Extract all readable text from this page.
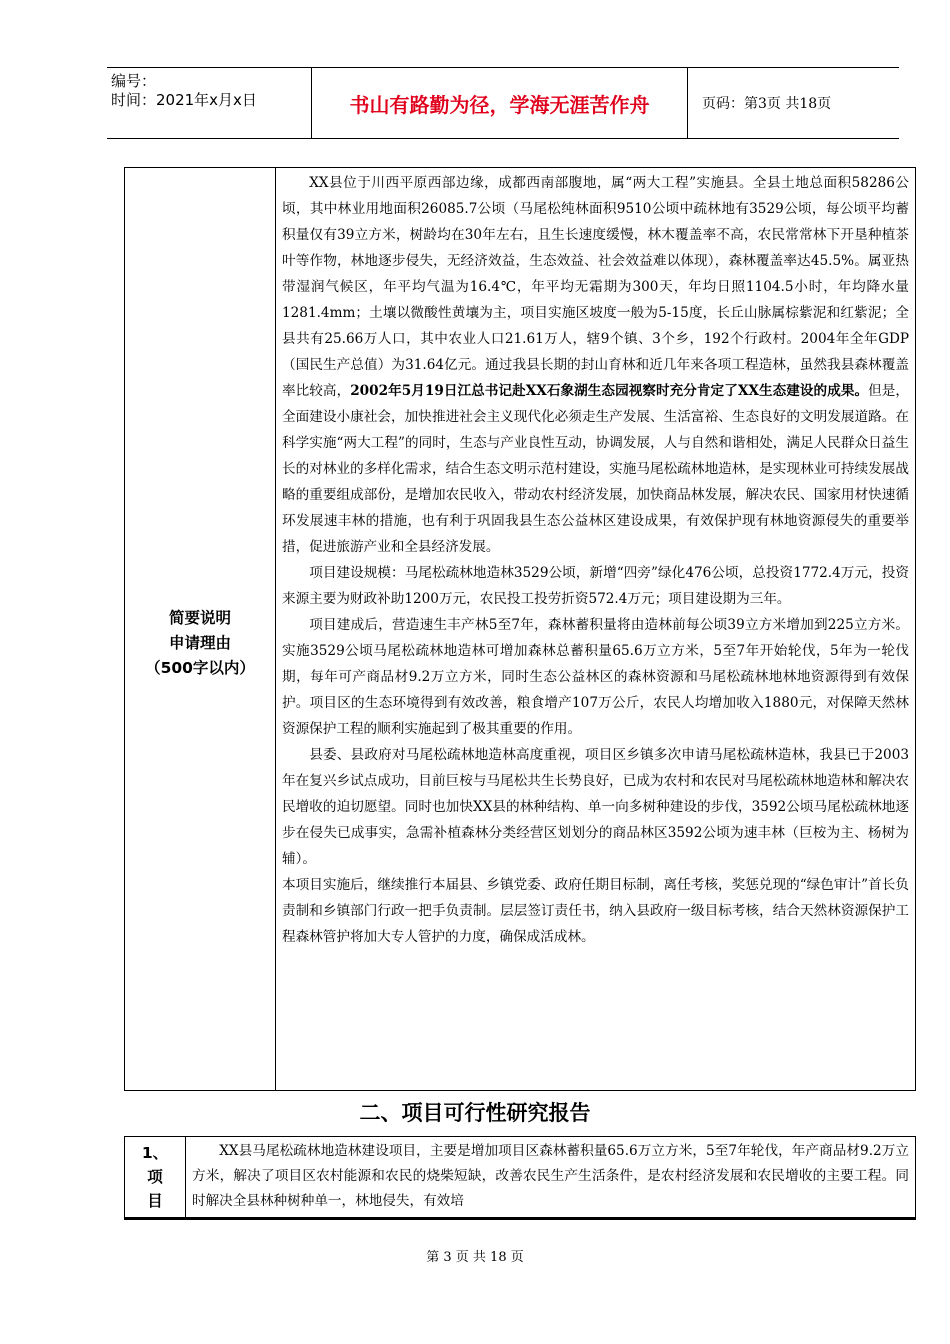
编号：
时间：2021年x月x日	书山有路勤为径，学海无涯苦作舟	页码：第3页 共18页
简要说明
申请理由
（500字以内）

XX县位于川西平原西部边缘，成都西南部腹地，属“两大工程”实施县。全县土地总面积58286公顷，其中林业用地面积26085.7公顷（马尾松纯林面积9510公顷中疏林地有3529公顷，每公顷平均蓄积量仅有39立方米，树龄均在30年左右，且生长速度缓慢，林木覆盖率不高，农民常常林下开垦种植茶叶等作物，林地逐步侵失，无经济效益，生态效益、社会效益难以体现），森林覆盖率达45.5%。属亚热带湿润气候区，年平均气温为16.4℃，年平均无霜期为300天，年均日照1104.5小时，年均降水量1281.4mm；土壤以微酸性黄壤为主，项目实施区坡度一般为5-15度，长丘山脉属棕紫泥和红紫泥；全县共有25.66万人口，其中农业人口21.61万人，辖9个镇、3个乡，192个行政村。2004年全年GDP（国民生产总值）为31.64亿元。通过我县长期的封山育林和近几年来各项工程造林，虽然我县森林覆盖率比较高，2002年5月19日江总书记赴XX石象湖生态园视察时充分肯定了XX生态建设的成果。但是，全面建设小康社会，加快推进社会主义现代化必须走生产发展、生活富裕、生态良好的文明发展道路。在科学实施“两大工程”的同时，生态与产业良性互动，协调发展，人与自然和谐相处，满足人民群众日益生长的对林业的多样化需求，结合生态文明示范村建设，实施马尾松疏林地造林，是实现林业可持续发展战略的重要组成部份，是增加农民收入，带动农村经济发展，加快商品林发展，解决农民、国家用材快速循环发展速丰林的措施，也有利于巩固我县生态公益林区建设成果，有效保护现有林地资源侵失的重要举措，促进旅游产业和全县经济发展。

项目建设规模：马尾松疏林地造林3529公顷，新增“四旁”绿化476公顷，总投资1772.4万元，投资来源主要为财政补助1200万元，农民投工投劳折资572.4万元；项目建设期为三年。

项目建成后，营造速生丰产林5至7年，森林蓄积量将由造林前每公顷39立方米增加到225立方米。实施3529公顷马尾松疏林地造林可增加森林总蓄积量65.6万立方米，5至7年开始轮伐，5年为一轮伐期，每年可产商品材9.2万立方米，同时生态公益林区的森林资源和马尾松疏林地林地资源得到有效保护。项目区的生态环境得到有效改善，粮食增产107万公斤，农民人均增加收入1880元，对保障天然林资源保护工程的顺利实施起到了极其重要的作用。

县委、县政府对马尾松疏林地造林高度重视，项目区乡镇多次申请马尾松疏林造林，我县已于2003年在复兴乡试点成功，目前巨桉与马尾松共生长势良好，已成为农村和农民对马尾松疏林地造林和解决农民增收的迫切愿望。同时也加快XX县的林种结构、单一向多树种建设的步伐，3592公顷马尾松疏林地逐步在侵失已成事实，急需补植森林分类经营区划划分的商品林区3592公顷为速丰林（巨桉为主、杨树为辅）。

本项目实施后，继续推行本届县、乡镇党委、政府任期目标制，离任考核，奖惩兑现的“绿色审计”首长负责制和乡镇部门行政一把手负责制。层层签订责任书，纳入县政府一级目标考核，结合天然林资源保护工程森林管护将加大专人管护的力度，确保成活成林。

二、项目可行性研究报告
1、
项
目
XX县马尾松疏林地造林建设项目，主要是增加项目区森林蓄积量65.6万立方米，5至7年轮伐，年产商品材9.2万立方米，解决了项目区农村能源和农民的烧柴短缺，改善农民生产生活条件，是农村经济发展和农民增收的主要工程。同时解决全县林种树种单一，林地侵失，有效培
第 3 页 共 18 页
